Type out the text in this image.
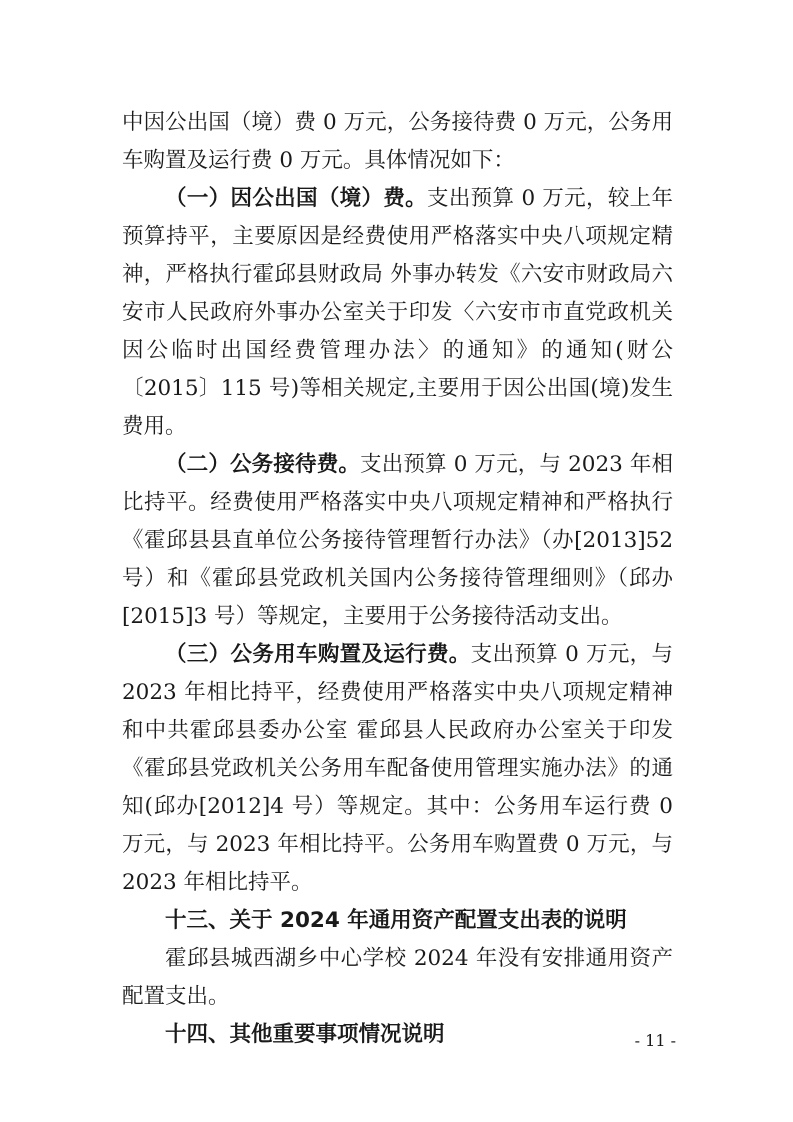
中因公出国（境）费 0 万元，公务接待费 0 万元，公务用车购置及运行费 0 万元。具体情况如下：

（一）因公出国（境）费。支出预算 0 万元，较上年预算持平，主要原因是经费使用严格落实中央八项规定精神，严格执行霍邱县财政局 外事办转发《六安市财政局六安市人民政府外事办公室关于印发〈六安市市直党政机关因公临时出国经费管理办法〉的通知》的通知(财公〔2015〕115 号)等相关规定,主要用于因公出国(境)发生费用。

（二）公务接待费。支出预算 0 万元，与 2023 年相比持平。经费使用严格落实中央八项规定精神和严格执行《霍邱县县直单位公务接待管理暂行办法》（办[2013]52 号）和《霍邱县党政机关国内公务接待管理细则》（邱办[2015]3 号）等规定，主要用于公务接待活动支出。

（三）公务用车购置及运行费。支出预算 0 万元，与 2023 年相比持平，经费使用严格落实中央八项规定精神和中共霍邱县委办公室 霍邱县人民政府办公室关于印发《霍邱县党政机关公务用车配备使用管理实施办法》的通知(邱办[2012]4 号）等规定。其中：公务用车运行费 0 万元，与 2023 年相比持平。公务用车购置费 0 万元，与 2023 年相比持平。

十三、关于 2024 年通用资产配置支出表的说明

霍邱县城西湖乡中心学校 2024 年没有安排通用资产配置支出。

十四、其他重要事项情况说明	- 11 -
